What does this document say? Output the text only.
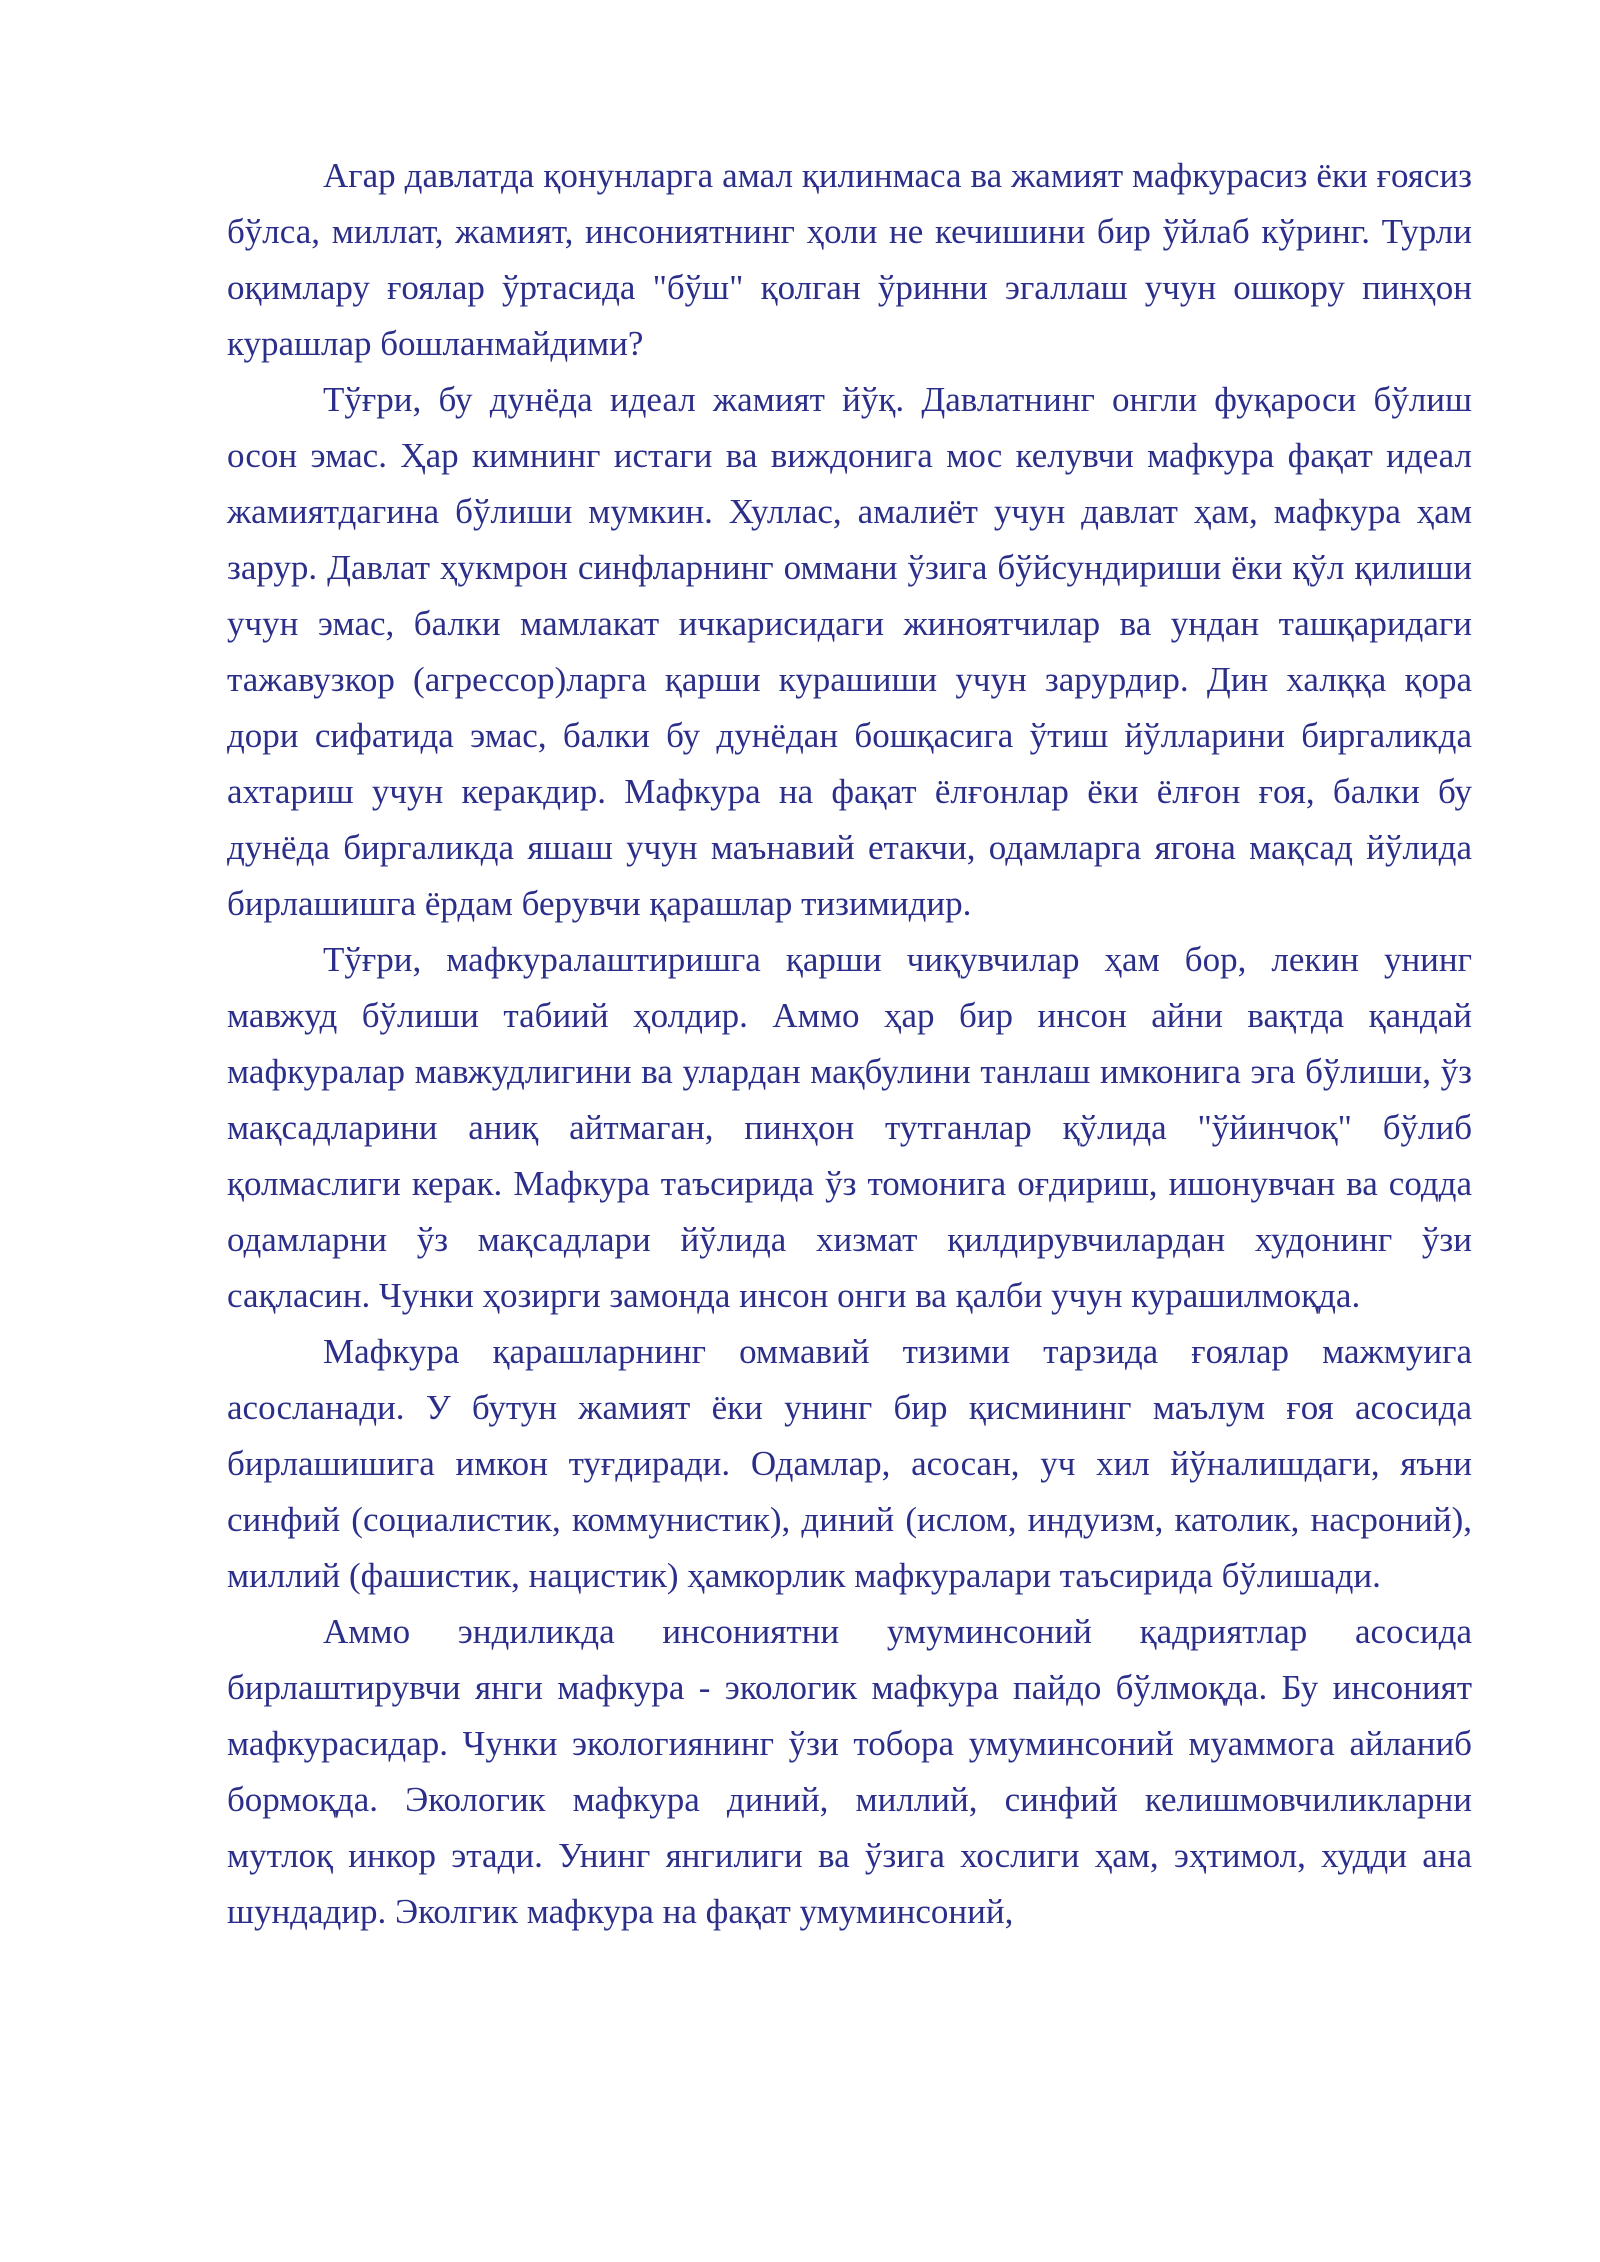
Агар давлатда қонунларга амал қилинмаса ва жамият мафкурасиз ёки ғоясиз бўлса, миллат, жамият, инсониятнинг ҳоли не кечишини бир ўйлаб кўринг. Турли оқимлару ғоялар ўртасида "бўш" қолган ўринни эгаллаш учун ошкору пинҳон курашлар бошланмайдими?

Тўғри, бу дунёда идеал жамият йўқ. Давлатнинг онгли фуқароси бўлиш осон эмас. Ҳар кимнинг истаги ва виждонига мос келувчи мафкура фақат идеал жамиятдагина бўлиши мумкин. Хуллас, амалиёт учун давлат ҳам, мафкура ҳам зарур. Давлат ҳукмрон синфларнинг оммани ўзига бўйсундириши ёки қўл қилиши учун эмас, балки мамлакат ичкарисидаги жиноятчилар ва ундан ташқаридаги тажавузкор (агрессор)ларга қарши курашиши учун зарурдир. Дин халққа қора дори сифатида эмас, балки бу дунёдан бошқасига ўтиш йўлларини биргаликда ахтариш учун керакдир. Мафкура на фақат ёлғонлар ёки ёлғон ғоя, балки бу дунёда биргаликда яшаш учун маънавий етакчи, одамларга ягона мақсад йўлида бирлашишга ёрдам берувчи қарашлар тизимидир.

Тўғри, мафкуралаштиришга қарши чиқувчилар ҳам бор, лекин унинг мавжуд бўлиши табиий ҳолдир. Аммо ҳар бир инсон айни вақтда қандай мафкуралар мавжудлигини ва улардан мақбулини танлаш имконига эга бўлиши, ўз мақсадларини аниқ айтмаган, пинҳон тутганлар қўлида "ўйинчоқ" бўлиб қолмаслиги керак. Мафкура таъсирида ўз томонига оғдириш, ишонувчан ва содда одамларни ўз мақсадлари йўлида хизмат қилдирувчилардан худонинг ўзи сақласин. Чунки ҳозирги замонда инсон онги ва қалби учун курашилмоқда.

Мафкура қарашларнинг оммавий тизими тарзида ғоялар мажмуига асосланади. У бутун жамият ёки унинг бир қисмининг маълум ғоя асосида бирлашишига имкон туғдиради. Одамлар, асосан, уч хил йўналишдаги, яъни синфий (социалистик, коммунистик), диний (ислом, индуизм, католик, насроний), миллий (фашистик, нацистик) ҳамкорлик мафкуралари таъсирида бўлишади.

Аммо эндиликда инсониятни умуминсоний қадриятлар асосида бирлаштирувчи янги мафкура - экологик мафкура пайдо бўлмоқда. Бу инсоният мафкурасидар. Чунки экологиянинг ўзи тобора умуминсоний муаммога айланиб бормоқда. Экологик мафкура диний, миллий, синфий келишмовчиликларни мутлоқ инкор этади. Унинг янгилиги ва ўзига хослиги ҳам, эҳтимол, худди ана шундадир. Эколгик мафкура на фақат умуминсоний,
